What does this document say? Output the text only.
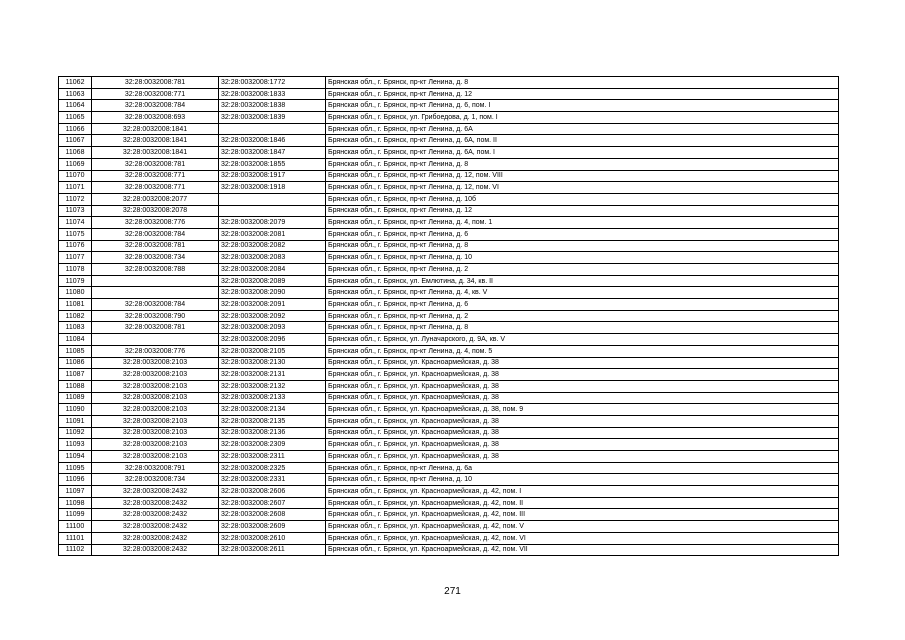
11062	32:28:0032008:781	32:28:0032008:1772	Брянская обл., г. Брянск, пр-кт Ленина, д. 8
11063	32:28:0032008:771	32:28:0032008:1833	Брянская обл., г. Брянск, пр-кт Ленина, д. 12
11064	32:28:0032008:784	32:28:0032008:1838	Брянская обл., г. Брянск, пр-кт Ленина, д. 6, пом. I
11065	32:28:0032008:693	32:28:0032008:1839	Брянская обл., г. Брянск, ул. Грибоедова, д. 1, пом. I
11066	32:28:0032008:1841		Брянская обл., г. Брянск, пр-кт Ленина, д. 6А
11067	32:28:0032008:1841	32:28:0032008:1846	Брянская обл., г. Брянск, пр-кт Ленина, д. 6А, пом. II
11068	32:28:0032008:1841	32:28:0032008:1847	Брянская обл., г. Брянск, пр-кт Ленина, д. 6А, пом. I
11069	32:28:0032008:781	32:28:0032008:1855	Брянская обл., г. Брянск, пр-кт Ленина, д. 8
11070	32:28:0032008:771	32:28:0032008:1917	Брянская обл., г. Брянск, пр-кт Ленина, д. 12, пом. VIII
11071	32:28:0032008:771	32:28:0032008:1918	Брянская обл., г. Брянск, пр-кт Ленина, д. 12, пом. VI
11072	32:28:0032008:2077		Брянская обл., г. Брянск, пр-кт Ленина, д. 10б
11073	32:28:0032008:2078		Брянская обл., г. Брянск, пр-кт Ленина, д. 12
11074	32:28:0032008:776	32:28:0032008:2079	Брянская обл., г. Брянск, пр-кт Ленина, д. 4, пом. 1
11075	32:28:0032008:784	32:28:0032008:2081	Брянская обл., г. Брянск, пр-кт Ленина, д. 6
11076	32:28:0032008:781	32:28:0032008:2082	Брянская обл., г. Брянск, пр-кт Ленина, д. 8
11077	32:28:0032008:734	32:28:0032008:2083	Брянская обл., г. Брянск, пр-кт Ленина, д. 10
11078	32:28:0032008:788	32:28:0032008:2084	Брянская обл., г. Брянск, пр-кт Ленина, д. 2
11079		32:28:0032008:2089	Брянская обл., г. Брянск, ул. Емлютина, д. 34, кв. II
11080		32:28:0032008:2090	Брянская обл., г. Брянск, пр-кт Ленина, д. 4, кв. V
11081	32:28:0032008:784	32:28:0032008:2091	Брянская обл., г. Брянск, пр-кт Ленина, д. 6
11082	32:28:0032008:790	32:28:0032008:2092	Брянская обл., г. Брянск, пр-кт Ленина, д. 2
11083	32:28:0032008:781	32:28:0032008:2093	Брянская обл., г. Брянск, пр-кт Ленина, д. 8
11084		32:28:0032008:2096	Брянская обл., г. Брянск, ул. Луначарского, д. 9А, кв. V
11085	32:28:0032008:776	32:28:0032008:2105	Брянская обл., г. Брянск, пр-кт Ленина, д. 4, пом. 5
11086	32:28:0032008:2103	32:28:0032008:2130	Брянская обл., г. Брянск, ул. Красноармейская, д. 38
11087	32:28:0032008:2103	32:28:0032008:2131	Брянская обл., г. Брянск, ул. Красноармейская, д. 38
11088	32:28:0032008:2103	32:28:0032008:2132	Брянская обл., г. Брянск, ул. Красноармейская, д. 38
11089	32:28:0032008:2103	32:28:0032008:2133	Брянская обл., г. Брянск, ул. Красноармейская, д. 38
11090	32:28:0032008:2103	32:28:0032008:2134	Брянская обл., г. Брянск, ул. Красноармейская, д. 38, пом. 9
11091	32:28:0032008:2103	32:28:0032008:2135	Брянская обл., г. Брянск, ул. Красноармейская, д. 38
11092	32:28:0032008:2103	32:28:0032008:2136	Брянская обл., г. Брянск, ул. Красноармейская, д. 38
11093	32:28:0032008:2103	32:28:0032008:2309	Брянская обл., г. Брянск, ул. Красноармейская, д. 38
11094	32:28:0032008:2103	32:28:0032008:2311	Брянская обл., г. Брянск, ул. Красноармейская, д. 38
11095	32:28:0032008:791	32:28:0032008:2325	Брянская обл., г. Брянск, пр-кт Ленина, д. 6а
11096	32:28:0032008:734	32:28:0032008:2331	Брянская обл., г. Брянск, пр-кт Ленина, д. 10
11097	32:28:0032008:2432	32:28:0032008:2606	Брянская обл., г. Брянск, ул. Красноармейская, д. 42, пом. I
11098	32:28:0032008:2432	32:28:0032008:2607	Брянская обл., г. Брянск, ул. Красноармейская, д. 42, пом. II
11099	32:28:0032008:2432	32:28:0032008:2608	Брянская обл., г. Брянск, ул. Красноармейская, д. 42, пом. III
11100	32:28:0032008:2432	32:28:0032008:2609	Брянская обл., г. Брянск, ул. Красноармейская, д. 42, пом. V
11101	32:28:0032008:2432	32:28:0032008:2610	Брянская обл., г. Брянск, ул. Красноармейская, д. 42, пом. VI
11102	32:28:0032008:2432	32:28:0032008:2611	Брянская обл., г. Брянск, ул. Красноармейская, д. 42, пом. VII
271
